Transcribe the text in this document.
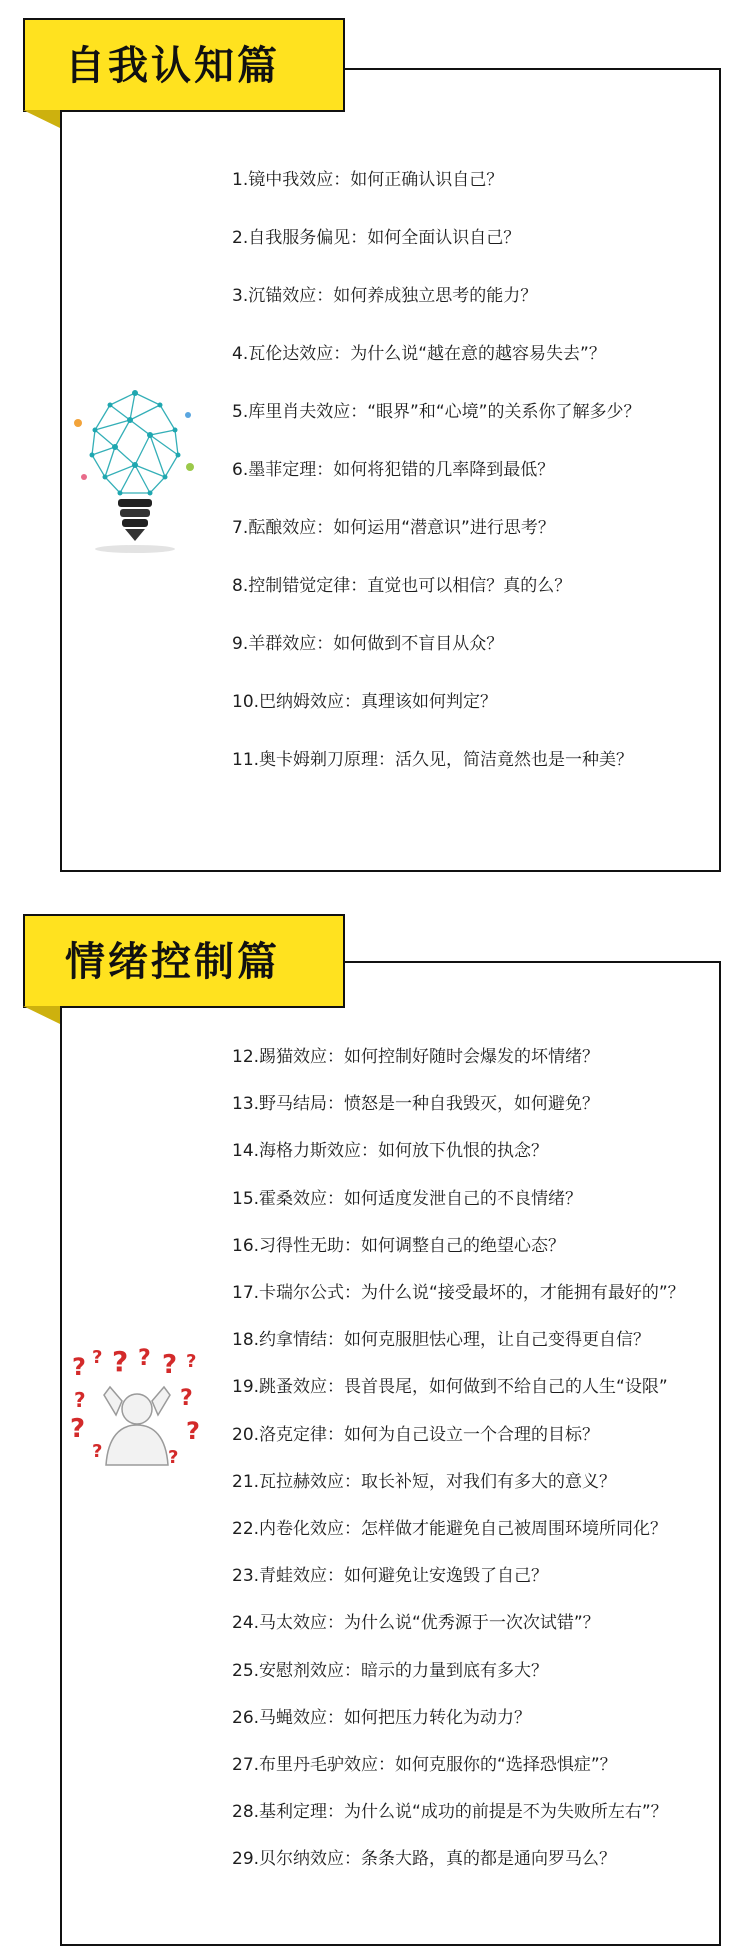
自我认知篇
1.镜中我效应：如何正确认识自己？
2.自我服务偏见：如何全面认识自己？
3.沉锚效应：如何养成独立思考的能力？
4.瓦伦达效应：为什么说“越在意的越容易失去”？
5.库里肖夫效应：“眼界”和“心境”的关系你了解多少？
6.墨菲定理：如何将犯错的几率降到最低？
7.酝酿效应：如何运用“潜意识”进行思考？
8.控制错觉定律：直觉也可以相信？真的么？
9.羊群效应：如何做到不盲目从众？
10.巴纳姆效应：真理该如何判定？
11.奥卡姆剃刀原理：活久见，简洁竟然也是一种美？
情绪控制篇
12.踢猫效应：如何控制好随时会爆发的坏情绪？
13.野马结局：愤怒是一种自我毁灭，如何避免？
14.海格力斯效应：如何放下仇恨的执念？
15.霍桑效应：如何适度发泄自己的不良情绪？
16.习得性无助：如何调整自己的绝望心态？
17.卡瑞尔公式：为什么说“接受最坏的，才能拥有最好的”？
18.约拿情结：如何克服胆怯心理，让自己变得更自信？
19.跳蚤效应：畏首畏尾，如何做到不给自己的人生“设限”
20.洛克定律：如何为自己设立一个合理的目标？
21.瓦拉赫效应：取长补短，对我们有多大的意义？
22.内卷化效应：怎样做才能避免自己被周围环境所同化？
23.青蛙效应：如何避免让安逸毁了自己？
24.马太效应：为什么说“优秀源于一次次试错”？
25.安慰剂效应：暗示的力量到底有多大？
26.马蝇效应：如何把压力转化为动力？
27.布里丹毛驴效应：如何克服你的“选择恐惧症”？
28.基利定理：为什么说“成功的前提是不为失败所左右”？
29.贝尔纳效应：条条大路，真的都是通向罗马么？
? ? ? ? ? ?
?	?
?	?
?	?
